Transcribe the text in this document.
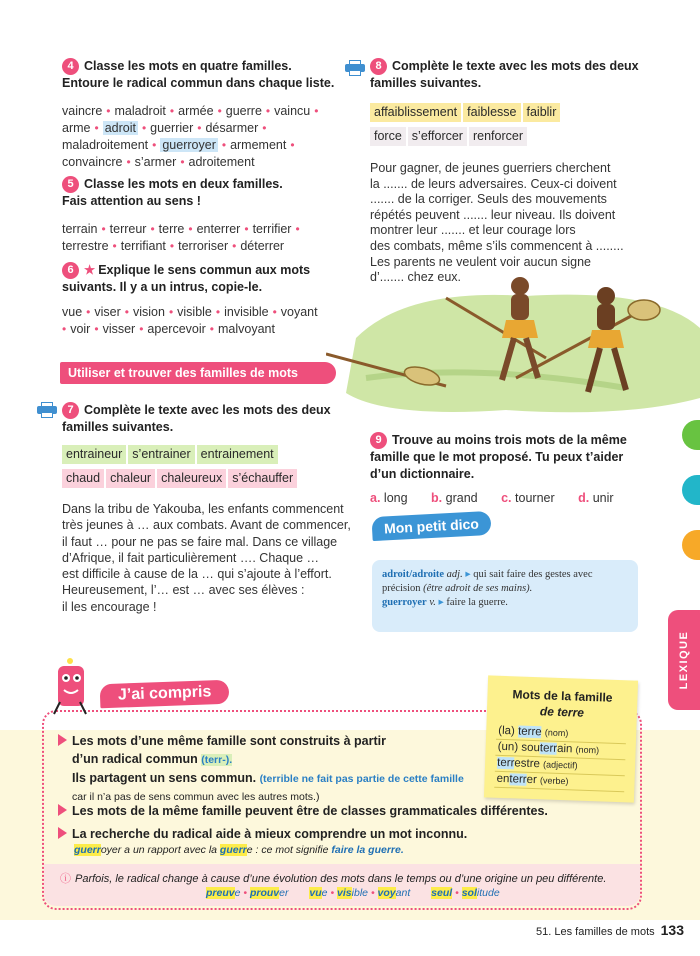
4 Classe les mots en quatre familles.
Entoure le radical commun dans chaque liste.
vaincre • maladroit • armée • guerre • vaincu •
arme • adroit • guerrier • désarmer •
maladroitement • guerroyer • armement •
convaincre • s’armer • adroitement
5 Classe les mots en deux familles.
Fais attention au sens !
terrain • terreur • terre • enterrer • terrifier •
terrestre • terrifiant • terroriser • déterrer
6 ★ Explique le sens commun aux mots
suivants. Il y a un intrus, copie-le.
vue • viser • vision • visible • invisible • voyant
• voir • visser • apercevoir • malvoyant
Utiliser et trouver des familles de mots
7 Complète le texte avec les mots des deux
familles suivantes.
entraineur s’entrainer entrainement
chaud chaleur chaleureux s’échauffer
Dans la tribu de Yakouba, les enfants commencent
très jeunes à … aux combats. Avant de commencer,
il faut … pour ne pas se faire mal. Dans ce village
d’Afrique, il fait particulièrement …. Chaque …
est difficile à cause de la … qui s’ajoute à l’effort.
Heureusement, l’… est … avec ses élèves :
il les encourage !
8 Complète le texte avec les mots des deux
familles suivantes.
affaiblissement faiblesse faiblir
force s’efforcer renforcer
Pour gagner, de jeunes guerriers cherchent
la ....... de leurs adversaires. Ceux-ci doivent
....... de la corriger. Seuls des mouvements
répétés peuvent ....... leur niveau. Ils doivent
montrer leur ....... et leur courage lors
des combats, même s’ils commencent à ........
Les parents ne veulent voir aucun signe
d’....... chez eux.
9 Trouve au moins trois mots de la même
famille que le mot proposé. Tu peux t’aider
d’un dictionnaire.
a. long b. grand c. tourner d. unir

adroit/adroite adj. ▸ qui sait faire des gestes avec

précision (être adroit de ses mains).

guerroyer v. ▸ faire la guerre.

Mon petit dico
LEXIQUE
J’ai compris
Les mots d’une même famille sont construits à partir
d’un radical commun (terr-).
Ils partagent un sens commun. (terrible ne fait pas partie de cette famille
car il n’a pas de sens commun avec les autres mots.)
Les mots de la même famille peuvent être de classes grammaticales différentes.
La recherche du radical aide à mieux comprendre un mot inconnu.
guerroyer a un rapport avec la guerre : ce mot signifie faire la guerre.
ⓘ Parfois, le radical change à cause d’une évolution des mots dans le temps ou d’une origine un peu différente.
preuve • prouver vue • visible • voyant seul • solitude
Mots de la famille
de terre
(la) terre (nom)
(un) souterrain (nom)
terrestre (adjectif)
enterrer (verbe)
51. Les familles de mots 133
